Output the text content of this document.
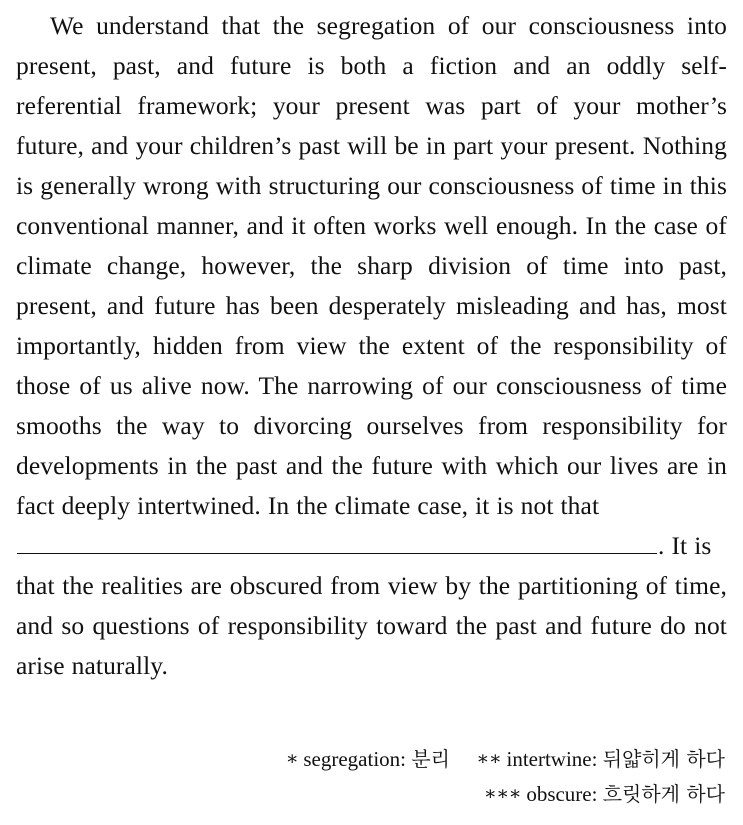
We understand that the segregation of our consciousness into present, past, and future is both a fiction and an oddly self-referential framework; your present was part of your mother’s future, and your children’s past will be in part your present. Nothing is generally wrong with structuring our consciousness of time in this conventional manner, and it often works well enough. In the case of climate change, however, the sharp division of time into past, present, and future has been desperately misleading and has, most importantly, hidden from view the extent of the responsibility of those of us alive now. The narrowing of our consciousness of time smooths the way to divorcing ourselves from responsibility for developments in the past and the future with which our lives are in fact deeply intertwined. In the climate case, it is not that
. It is
that the realities are obscured from view by the partitioning of time, and so questions of responsibility toward the past and future do not arise naturally.

∗ segregation: 분리 ∗∗ intertwine: 뒤얇히게 하다
∗∗∗ obscure: 흐릿하게 하다
